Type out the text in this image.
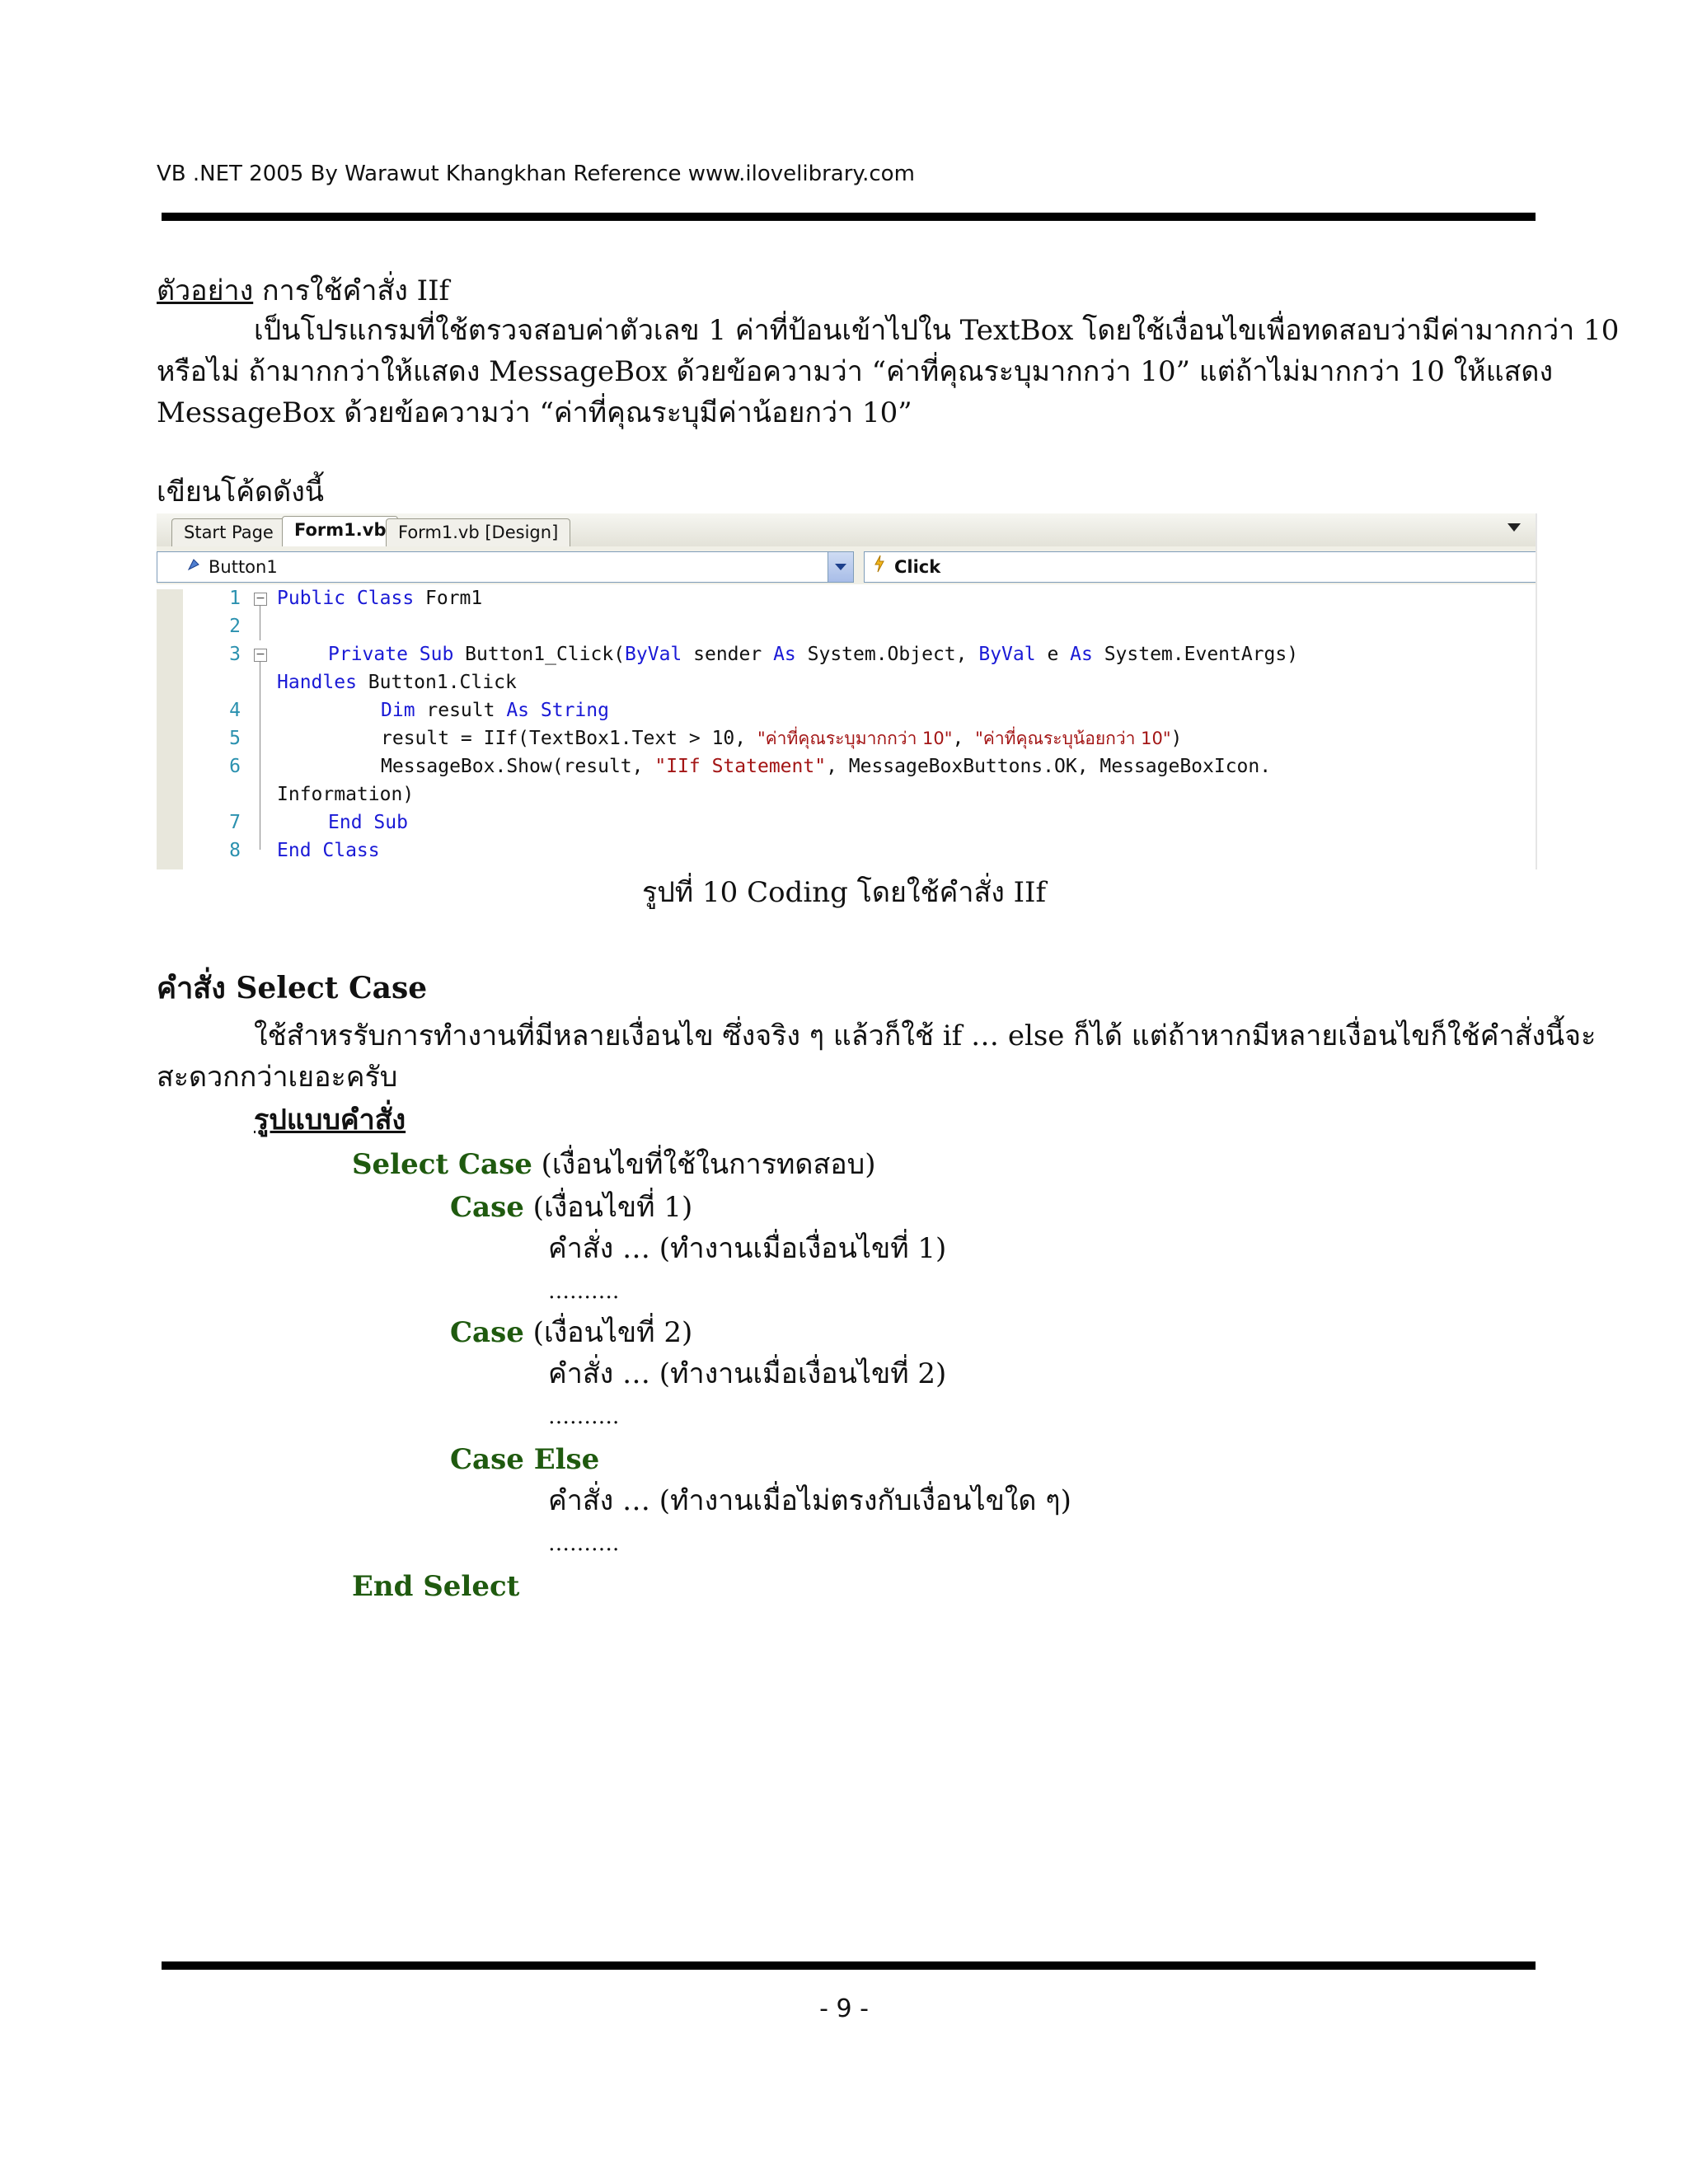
VB .NET 2005 By Warawut Khangkhan Reference www.ilovelibrary.com
ตัวอย่าง การใช้คำสั่ง IIf
เป็นโปรแกรมที่ใช้ตรวจสอบค่าตัวเลข 1 ค่าที่ป้อนเข้าไปใน TextBox โดยใช้เงื่อนไขเพื่อทดสอบว่ามีค่ามากกว่า 10
หรือไม่ ถ้ามากกว่าให้แสดง MessageBox ด้วยข้อความว่า “ค่าที่คุณระบุมากกว่า 10” แต่ถ้าไม่มากกว่า 10 ให้แสดง
MessageBox ด้วยข้อความว่า “ค่าที่คุณระบุมีค่าน้อยกว่า 10”
เขียนโค้ดดังนี้
Start Page	Form1.vb Form1.vb [Design]
Button1	Click
1
2
3
4
5
6
7
8
−
−

Public Class Form1

Private Sub Button1_Click(ByVal sender As System.Object, ByVal e As System.EventArgs)

Handles Button1.Click

Dim result As String

result = IIf(TextBox1.Text > 10, "ค่าที่คุณระบุมากกว่า 10", "ค่าที่คุณระบุน้อยกว่า 10")

MessageBox.Show(result, "IIf Statement", MessageBoxButtons.OK, MessageBoxIcon.

Information)

End Sub

End Class

รูปที่ 10 Coding โดยใช้คำสั่ง IIf
คำสั่ง Select Case
ใช้สำหรรับการทำงานที่มีหลายเงื่อนไข ซึ่งจริง ๆ แล้วก็ใช้ if … else ก็ได้ แต่ถ้าหากมีหลายเงื่อนไขก็ใช้คำสั่งนี้จะ
สะดวกกว่าเยอะครับ
รูปแบบคำสั่ง
Select Case (เงื่อนไขที่ใช้ในการทดสอบ)
Case (เงื่อนไขที่ 1)
คำสั่ง … (ทำงานเมื่อเงื่อนไขที่ 1)
……….
Case (เงื่อนไขที่ 2)
คำสั่ง … (ทำงานเมื่อเงื่อนไขที่ 2)
……….
Case Else
คำสั่ง … (ทำงานเมื่อไม่ตรงกับเงื่อนไขใด ๆ)
……….
End Select
- 9 -
